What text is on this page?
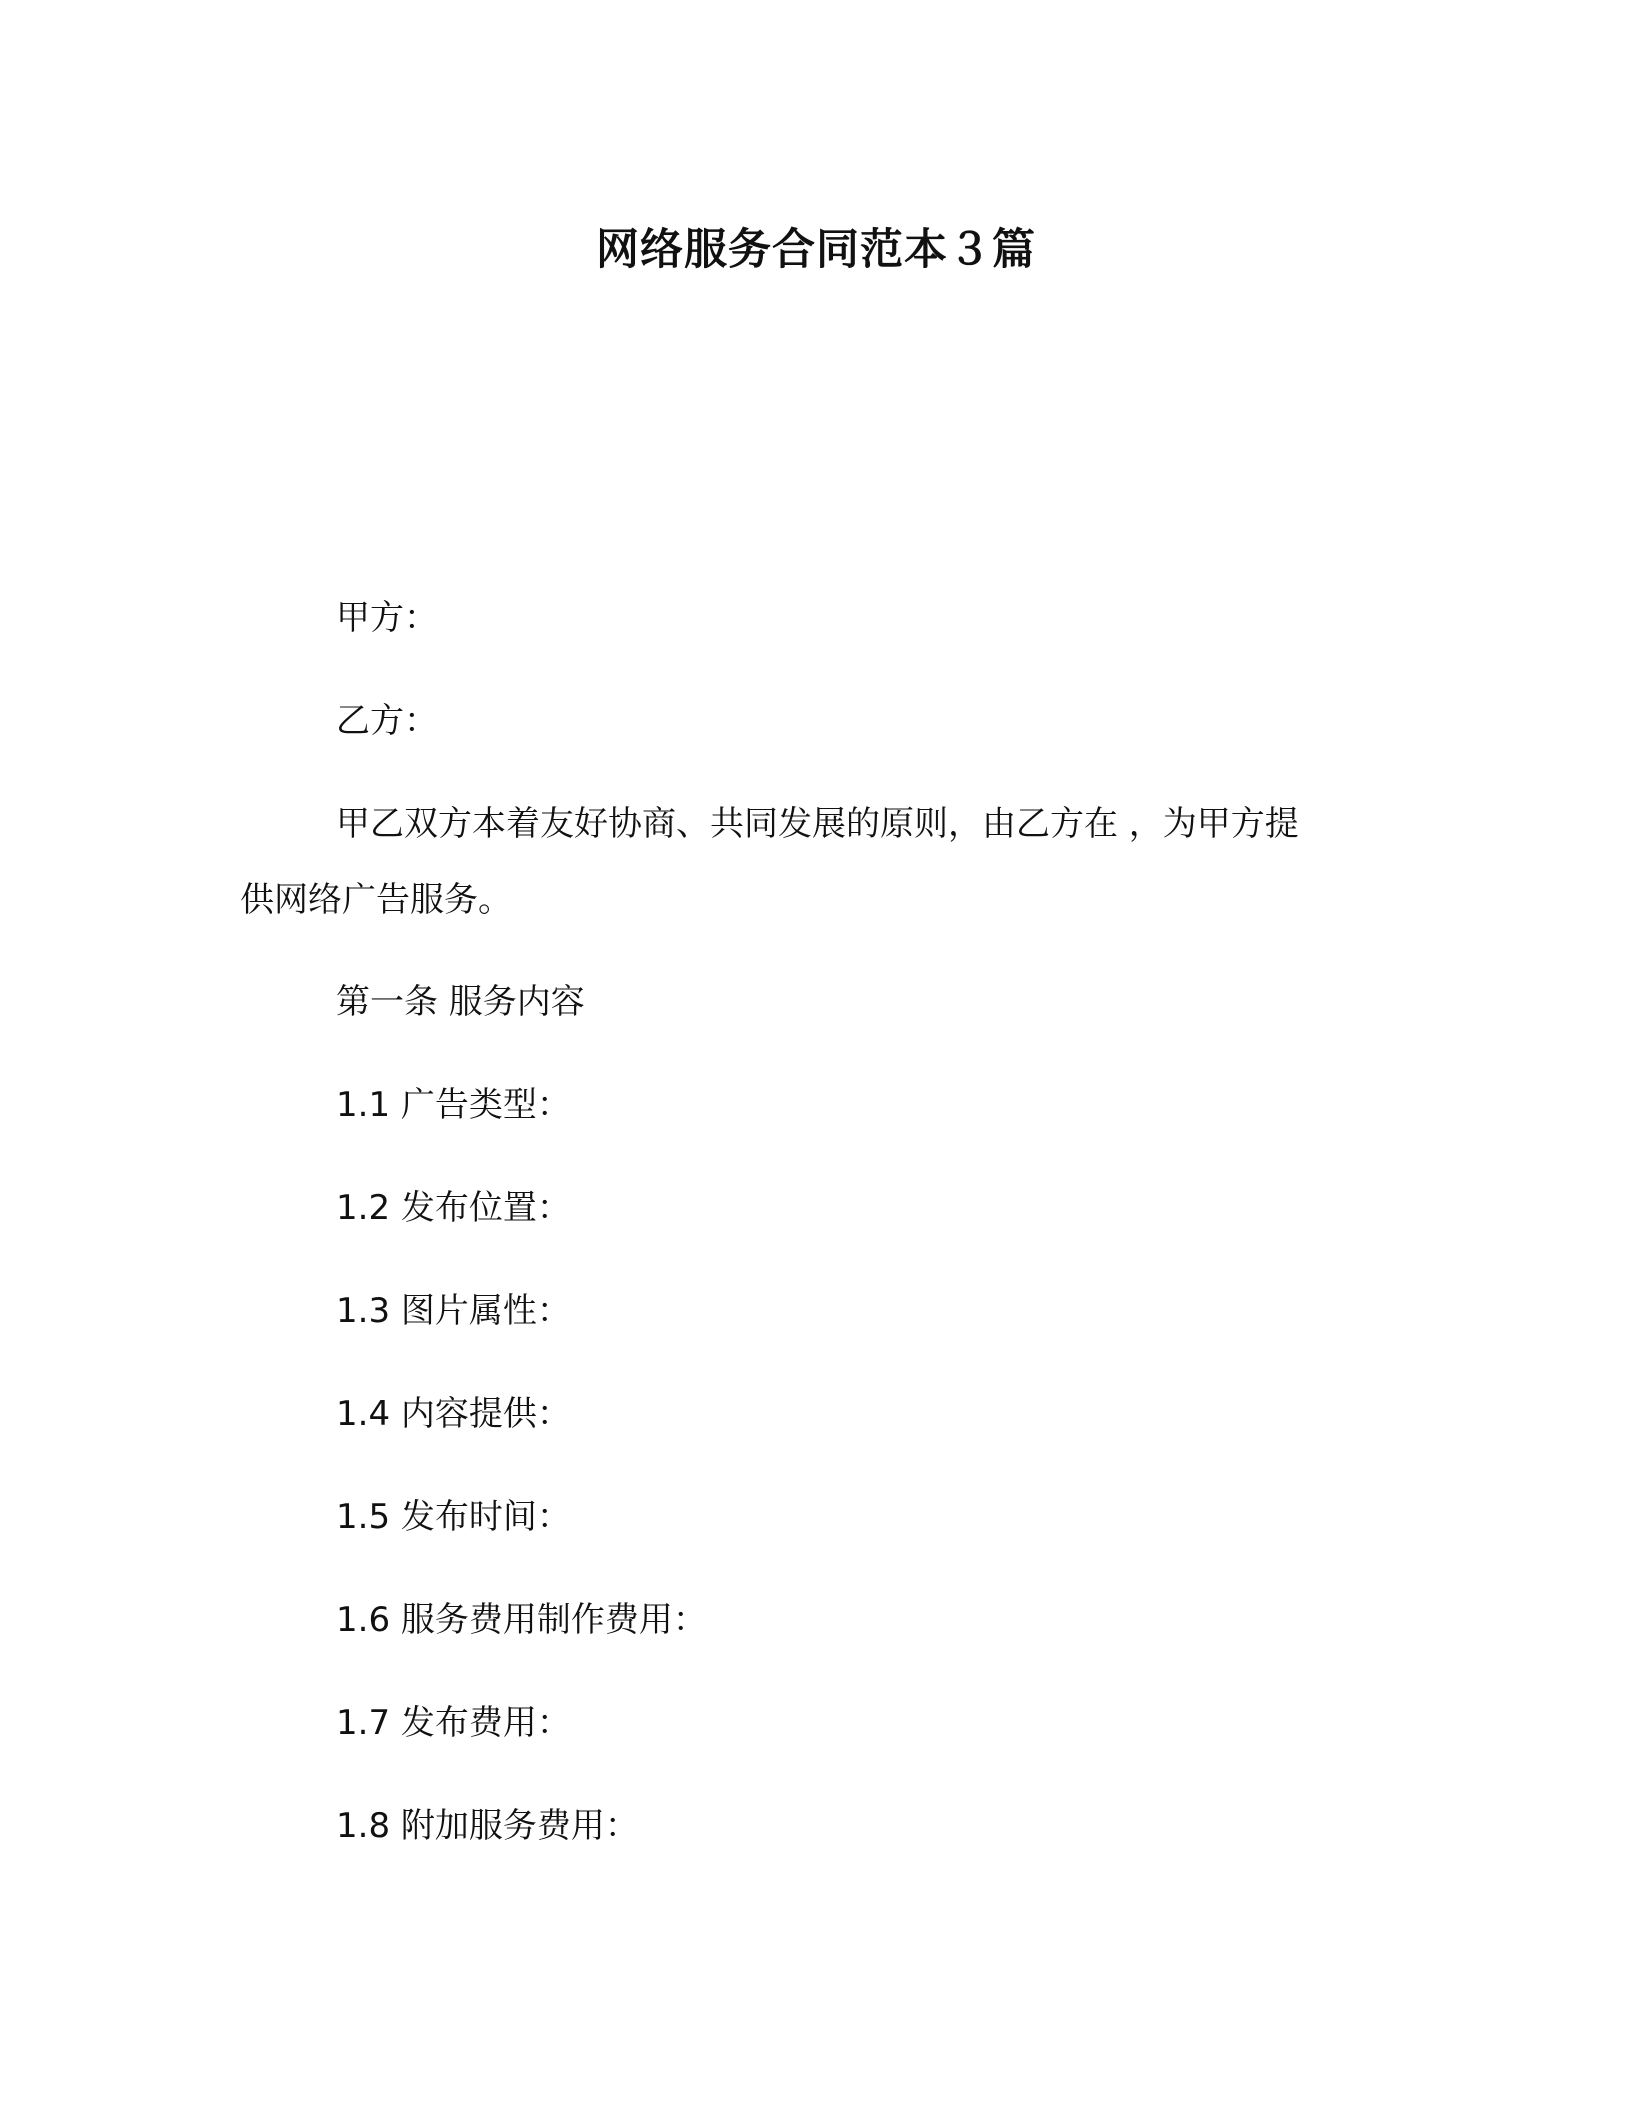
网络服务合同范本３篇

甲方：

乙方：

甲乙双方本着友好协商、共同发展的原则，由乙方在 ，为甲方提

供网络广告服务。

第一条 服务内容

1.1 广告类型：

1.2 发布位置：

1.3 图片属性：

1.4 内容提供：

1.5 发布时间：

1.6 服务费用制作费用：

1.7 发布费用：

1.8 附加服务费用：
